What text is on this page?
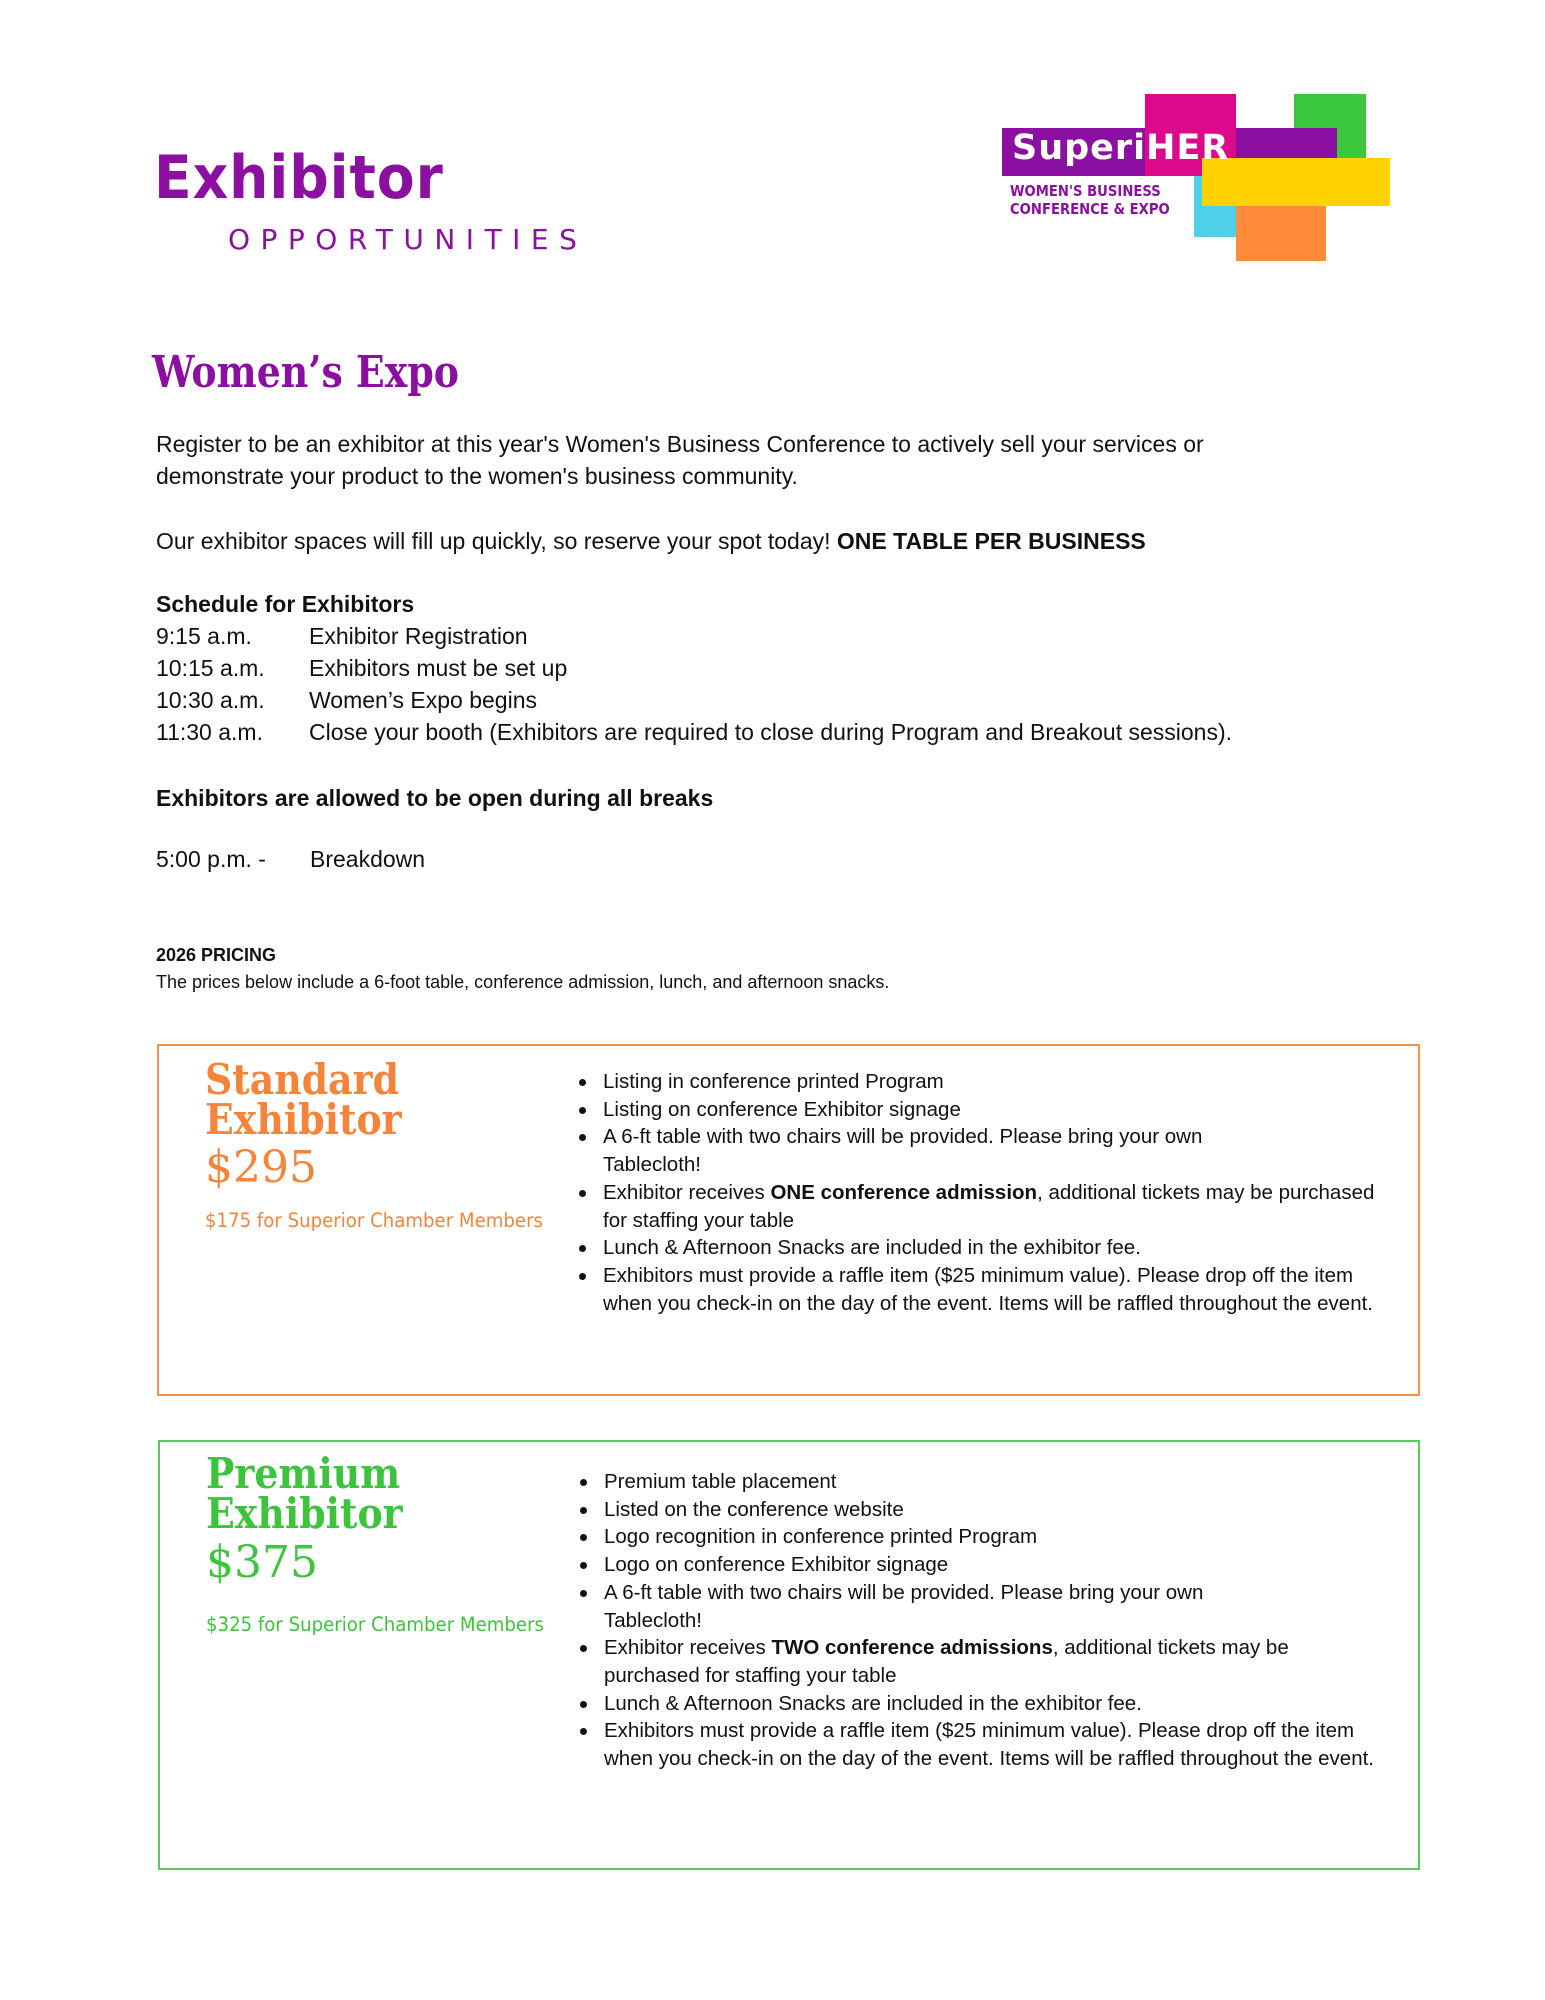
Exhibitor
OPPORTUNITIES
SuperiHER
WOMEN'S BUSINESS
CONFERENCE & EXPO
Women’s Expo
Register to be an exhibitor at this year's Women's Business Conference to actively sell your services or
demonstrate your product to the women's business community.
Our exhibitor spaces will fill up quickly, so reserve your spot today! ONE TABLE PER BUSINESS
Schedule for Exhibitors
9:15 a.m. Exhibitor Registration
10:15 a.m. Exhibitors must be set up
10:30 a.m. Women’s Expo begins
11:30 a.m. Close your booth (Exhibitors are required to close during Program and Breakout sessions).
Exhibitors are allowed to be open during all breaks
5:00 p.m. - Breakdown
2026 PRICING
The prices below include a 6-foot table, conference admission, lunch, and afternoon snacks.
Standard
Exhibitor
$295
$175 for Superior Chamber Members
Listing in conference printed Program
Listing on conference Exhibitor signage
A 6-ft table with two chairs will be provided. Please bring your own Tablecloth!
Exhibitor receives ONE conference admission, additional tickets may be purchased for staffing your table
Lunch & Afternoon Snacks are included in the exhibitor fee.
Exhibitors must provide a raffle item ($25 minimum value). Please drop off the item when you check-in on the day of the event. Items will be raffled throughout the event.
Premium
Exhibitor
$375
$325 for Superior Chamber Members
Premium table placement
Listed on the conference website
Logo recognition in conference printed Program
Logo on conference Exhibitor signage
A 6-ft table with two chairs will be provided. Please bring your own Tablecloth!
Exhibitor receives TWO conference admissions, additional tickets may be purchased for staffing your table
Lunch & Afternoon Snacks are included in the exhibitor fee.
Exhibitors must provide a raffle item ($25 minimum value). Please drop off the item when you check-in on the day of the event. Items will be raffled throughout the event.
